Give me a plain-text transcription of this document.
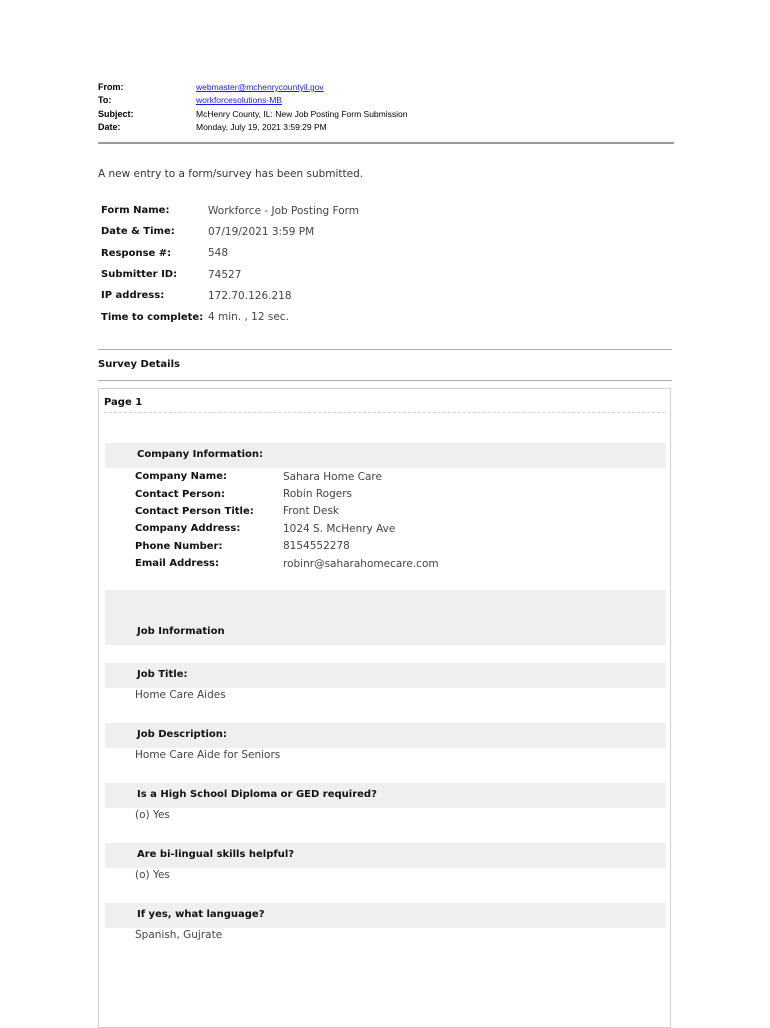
From:	webmaster@mchenrycountyil.gov
To:	workforcesolutions-MB
Subject:	McHenry County, IL: New Job Posting Form Submission
Date:	Monday, July 19, 2021 3:59:29 PM
A new entry to a form/survey has been submitted.
Form Name:	Workforce - Job Posting Form
Date & Time:	07/19/2021 3:59 PM
Response #:	548
Submitter ID:	74527
IP address:	172.70.126.218
Time to complete: 4 min. , 12 sec.
Survey Details
Page 1
Company Information:
Company Name:	Sahara Home Care
Contact Person:	Robin Rogers
Contact Person Title:	Front Desk
Company Address:	1024 S. McHenry Ave
Phone Number:	8154552278
Email Address:	robinr@saharahomecare.com
Job Information
Job Title:
Home Care Aides
Job Description:
Home Care Aide for Seniors
Is a High School Diploma or GED required?
(o) Yes
Are bi-lingual skills helpful?
(o) Yes
If yes, what language?
Spanish, Gujrate
